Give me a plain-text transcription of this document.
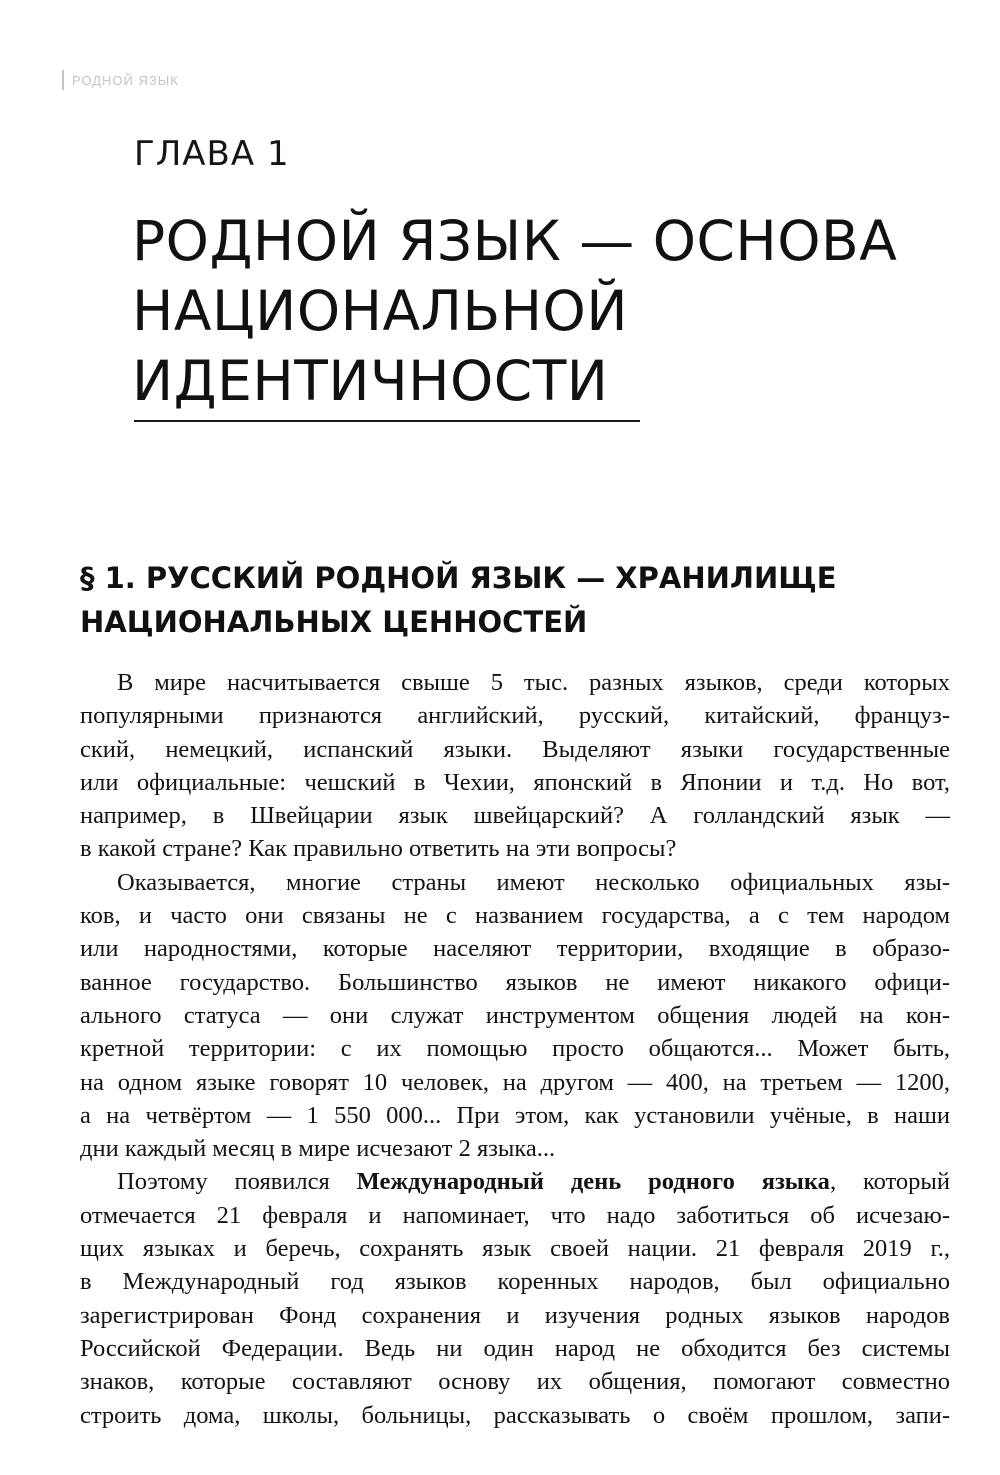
РОДНОЙ ЯЗЫК
ГЛАВА 1
РОДНОЙ ЯЗЫК — ОСНОВА
НАЦИОНАЛЬНОЙ
ИДЕНТИЧНОСТИ
§ 1. РУССКИЙ РОДНОЙ ЯЗЫК — ХРАНИЛИЩЕ
НАЦИОНАЛЬНЫХ ЦЕННОСТЕЙ
В мире насчитывается свыше 5 тыс. разных языков, среди которых
популярными признаются английский, русский, китайский, француз-
ский, немецкий, испанский языки. Выделяют языки государственные
или официальные: чешский в Чехии, японский в Японии и т.д. Но вот,
например, в Швейцарии язык швейцарский? А голландский язык —
в какой стране? Как правильно ответить на эти вопросы?
Оказывается, многие страны имеют несколько официальных язы-
ков, и часто они связаны не с названием государства, а с тем народом
или народностями, которые населяют территории, входящие в образо-
ванное государство. Большинство языков не имеют никакого офици-
ального статуса — они служат инструментом общения людей на кон-
кретной территории: с их помощью просто общаются... Может быть,
на одном языке говорят 10 человек, на другом — 400, на третьем — 1200,
а на четвёртом — 1 550 000... При этом, как установили учёные, в наши
дни каждый месяц в мире исчезают 2 языка...
Поэтому появился Международный день родного языка, который
отмечается 21 февраля и напоминает, что надо заботиться об исчезаю-
щих языках и беречь, сохранять язык своей нации. 21 февраля 2019 г.,
в Международный год языков коренных народов, был официально
зарегистрирован Фонд сохранения и изучения родных языков народов
Российской Федерации. Ведь ни один народ не обходится без системы
знаков, которые составляют основу их общения, помогают совместно
строить дома, школы, больницы, рассказывать о своём прошлом, запи-
